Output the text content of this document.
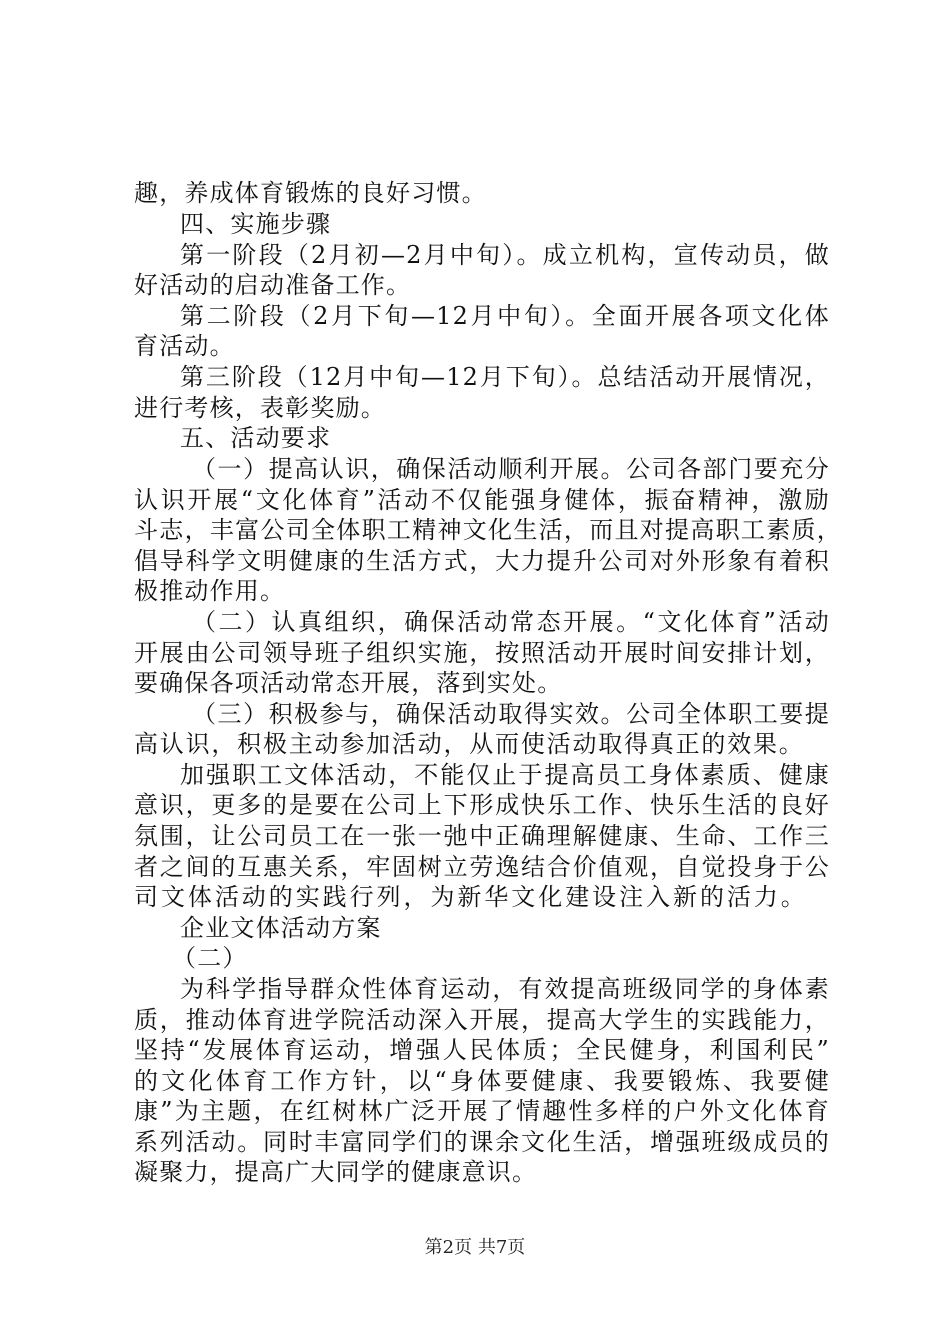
趣，养成体育锻炼的良好习惯。
四、实施步骤
第一阶段（2月初—2月中旬）。成立机构，宣传动员，做
好活动的启动准备工作。
第二阶段（2月下旬—12月中旬）。全面开展各项文化体
育活动。
第三阶段（12月中旬—12月下旬）。总结活动开展情况，
进行考核，表彰奖励。
五、活动要求
（一）提高认识，确保活动顺利开展。公司各部门要充分
认识开展“文化体育”活动不仅能强身健体，振奋精神，激励
斗志，丰富公司全体职工精神文化生活，而且对提高职工素质，
倡导科学文明健康的生活方式，大力提升公司对外形象有着积
极推动作用。
（二）认真组织，确保活动常态开展。“文化体育”活动
开展由公司领导班子组织实施，按照活动开展时间安排计划，
要确保各项活动常态开展，落到实处。
（三）积极参与，确保活动取得实效。公司全体职工要提
高认识，积极主动参加活动，从而使活动取得真正的效果。
加强职工文体活动，不能仅止于提高员工身体素质、健康
意识，更多的是要在公司上下形成快乐工作、快乐生活的良好
氛围，让公司员工在一张一弛中正确理解健康、生命、工作三
者之间的互惠关系，牢固树立劳逸结合价值观，自觉投身于公
司文体活动的实践行列，为新华文化建设注入新的活力。
企业文体活动方案
（二）
为科学指导群众性体育运动，有效提高班级同学的身体素
质，推动体育进学院活动深入开展，提高大学生的实践能力，
坚持“发展体育运动，增强人民体质；全民健身，利国利民”
的文化体育工作方针，以“身体要健康、我要锻炼、我要健
康”为主题，在红树林广泛开展了情趣性多样的户外文化体育
系列活动。同时丰富同学们的课余文化生活，增强班级成员的
凝聚力，提高广大同学的健康意识。
第2页 共7页
